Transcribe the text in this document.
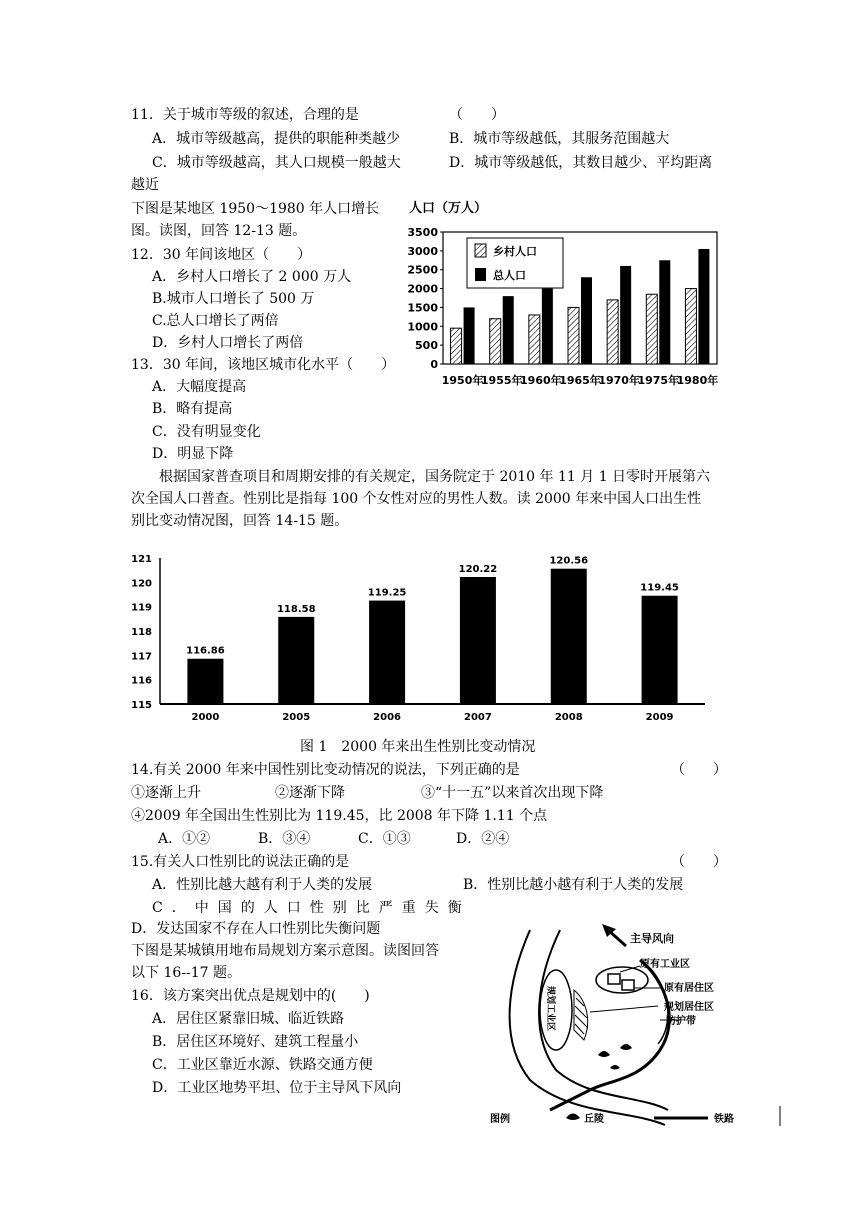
11．关于城市等级的叙述，合理的是	（　　）
A．城市等级越高，提供的职能种类越少	B．城市等级越低，其服务范围越大
C．城市等级越高，其人口规模一般越大	D．城市等级越低，其数目越少、平均距离
越近
下图是某地区 1950～1980 年人口增长
图。读图，回答 12-13 题。
12．30 年间该地区（　　）
A．乡村人口增长了 2 000 万人
B.城市人口增长了 500 万
C.总人口增长了两倍
D．乡村人口增长了两倍
13．30 年间，该地区城市化水平（　　）
A．大幅度提高
B．略有提高
C．没有明显变化
D．明显下降
人口（万人）
0
500
1000
1500
2000
2500
3000
3500
1950年
1955年
1960年
1965年
1970年
1975年
1980年
乡村人口
总人口
根据国家普查项目和周期安排的有关规定，国务院定于 2010 年 11 月 1 日零时开展第六
次全国人口普查。性别比是指每 100 个女性对应的男性人数。读 2000 年来中国人口出生性
别比变动情况图，回答 14-15 题。
115
116
117
118
119
120
121
116.86
2000
118.58
2005
119.25
2006
120.22
2007
120.56
2008
119.45
2009
图 1　2000 年来出生性别比变动情况
14.有关 2000 年来中国性别比变动情况的说法，下列正确的是	（　　）
①逐渐上升	②逐渐下降	③“十一五”以来首次出现下降
④2009 年全国出生性别比为 119.45，比 2008 年下降 1.11 个点
A．①②	B．③④	C．①③	D．②④
15.有关人口性别比的说法正确的是	（　　）
A．性别比越大越有利于人类的发展	B．性别比越小越有利于人类的发展
C．中国的人口性别比严重失衡
D．发达国家不存在人口性别比失衡问题
下图是某城镇用地布局规划方案示意图。读图回答
以下 16--17 题。
16．该方案突出优点是规划中的(　　)
A．居住区紧靠旧城、临近铁路
B．居住区环境好、建筑工程量小
C．工业区靠近水源、铁路交通方便
D．工业区地势平坦、位于主导风下风向
主导风向
原有工业区
原有居住区
规划居住区
防护带
规划工业区
图例	丘陵	铁路
